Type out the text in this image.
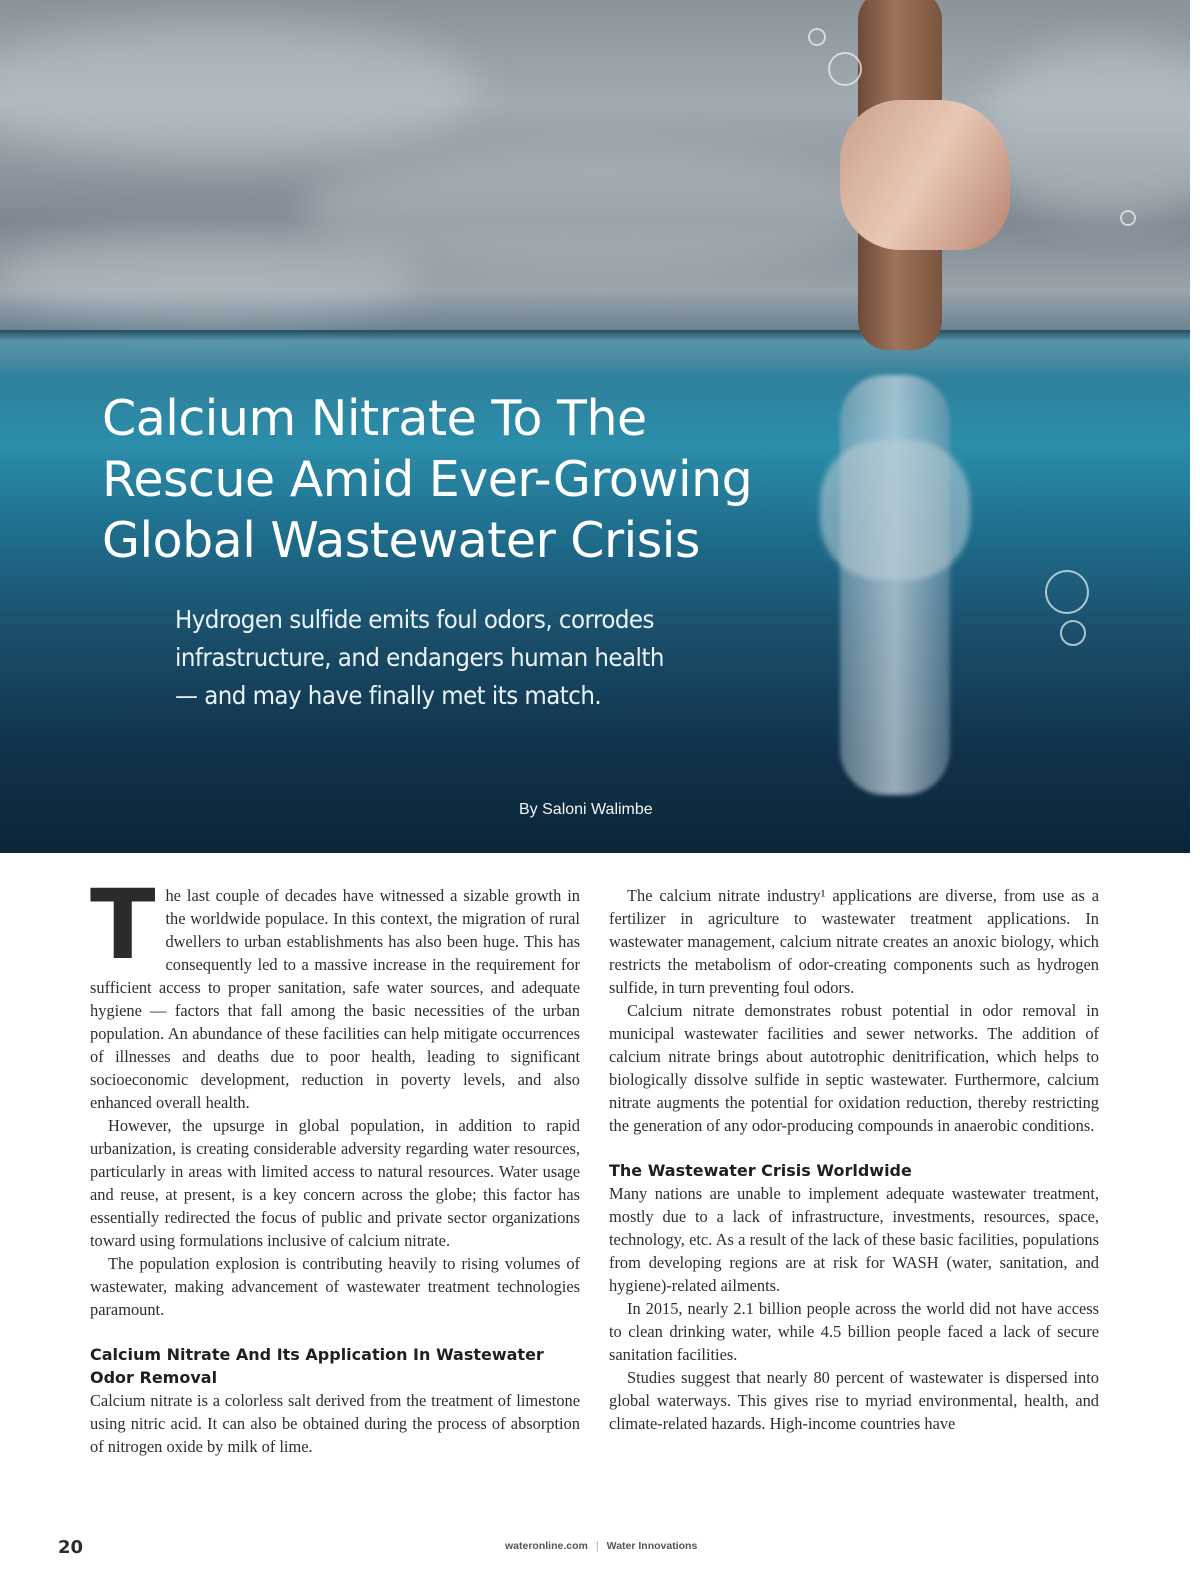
Calcium Nitrate To The Rescue Amid Ever-Growing Global Wastewater Crisis

Hydrogen sulfide emits foul odors, corrodes infrastructure, and endangers human health — and may have finally met its match.

By Saloni Walimbe

The last couple of decades have witnessed a sizable growth in the worldwide populace. In this context, the migration of rural dwellers to urban establishments has also been huge. This has consequently led to a massive increase in the requirement for sufficient access to proper sanitation, safe water sources, and adequate hygiene — factors that fall among the basic necessities of the urban population. An abundance of these facilities can help mitigate occurrences of illnesses and deaths due to poor health, leading to significant socioeconomic development, reduction in poverty levels, and also enhanced overall health.

However, the upsurge in global population, in addition to rapid urbanization, is creating considerable adversity regarding water resources, particularly in areas with limited access to natural resources. Water usage and reuse, at present, is a key concern across the globe; this factor has essentially redirected the focus of public and private sector organizations toward using formulations inclusive of calcium nitrate.

The population explosion is contributing heavily to rising volumes of wastewater, making advancement of wastewater treatment technologies paramount.

Calcium Nitrate And Its Application In Wastewater Odor Removal

Calcium nitrate is a colorless salt derived from the treatment of limestone using nitric acid. It can also be obtained during the process of absorption of nitrogen oxide by milk of lime.

The calcium nitrate industry¹ applications are diverse, from use as a fertilizer in agriculture to wastewater treatment applications. In wastewater management, calcium nitrate creates an anoxic biology, which restricts the metabolism of odor-creating components such as hydrogen sulfide, in turn preventing foul odors.

Calcium nitrate demonstrates robust potential in odor removal in municipal wastewater facilities and sewer networks. The addition of calcium nitrate brings about autotrophic denitrification, which helps to biologically dissolve sulfide in septic wastewater. Furthermore, calcium nitrate augments the potential for oxidation reduction, thereby restricting the generation of any odor-producing compounds in anaerobic conditions.

The Wastewater Crisis Worldwide

Many nations are unable to implement adequate wastewater treatment, mostly due to a lack of infrastructure, investments, resources, space, technology, etc. As a result of the lack of these basic facilities, populations from developing regions are at risk for WASH (water, sanitation, and hygiene)-related ailments.

In 2015, nearly 2.1 billion people across the world did not have access to clean drinking water, while 4.5 billion people faced a lack of secure sanitation facilities.

Studies suggest that nearly 80 percent of wastewater is dispersed into global waterways. This gives rise to myriad environmental, health, and climate-related hazards. High-income countries have

20	wateronline.com ❘ Water Innovations
